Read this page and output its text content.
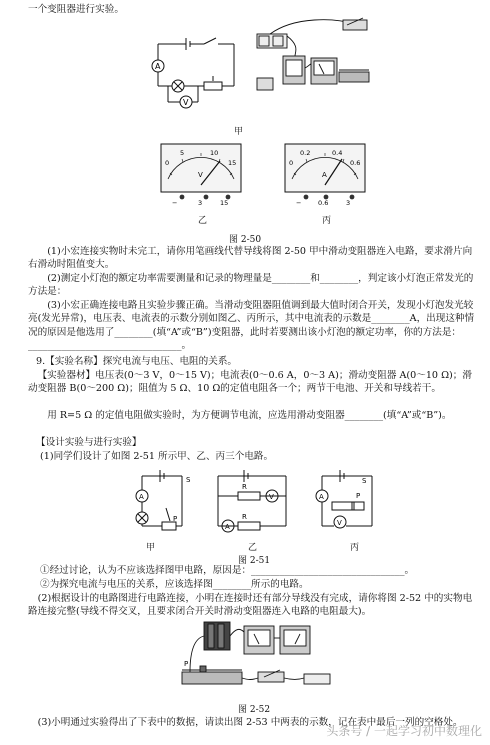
一个变阻器进行实验。
A
V
甲
0
5	10
15
V
−	3	15
乙
0
0.2	0.4
0.6
A
−	0.6	3
丙
图 2-50
(1)小宏连接实物时未完工，请你用笔画线代替导线将图 2-50 甲中滑动变阻器连入电路，要求滑片向右滑动时阻值变大。
(2)测定小灯泡的额定功率需要测量和记录的物理量是________和________，判定该小灯泡正常发光的方法是：
(3)小宏正确连接电路且实验步骤正确。当滑动变阻器阻值调到最大值时闭合开关，发现小灯泡发光较亮(发光异常)，电压表、电流表的示数分别如图乙、丙所示，其中电流表的示数是________A，出现这种情况的原因是他选用了________(填“A”或“B”)变阻器，此时若要测出该小灯泡的额定功率，你的方法是：________________________________。
9.【实验名称】探究电流与电压、电阻的关系。
【实验器材】电压表(0～3 V，0～15 V)；电流表(0～0.6 A，0～3 A)；滑动变阻器 A(0～10 Ω)；滑动变阻器 B(0～200 Ω)；阻值为 5 Ω、10 Ω的定值电阻各一个；两节干电池、开关和导线若干。
用 R=5 Ω 的定值电阻做实验时，为方便调节电流，应选用滑动变阻器________(填“A”或“B”)。
【设计实验与进行实验】
(1)同学们设计了如图 2-51 所示甲、乙、丙三个电路。
A
P
S
V
A
R
R
A
V
P
S
甲	乙	丙
图 2-51
①经过讨论，认为不应该选择图甲电路，原因是：________________________________。
②为探究电流与电压的关系，应该选择图________所示的电路。
(2)根据设计的电路图进行电路连接，小明在连接时还有部分导线没有完成，请你将图 2-52 中的实物电路连接完整(导线不得交叉，且要求闭合开关时滑动变阻器连入电路的电阻最大)。
P
图 2-52
(3)小明通过实验得出了下表中的数据，请读出图 2-53 中两表的示数，记在表中最后一列的空格处。
头条号 / 一起学习初中数理化
